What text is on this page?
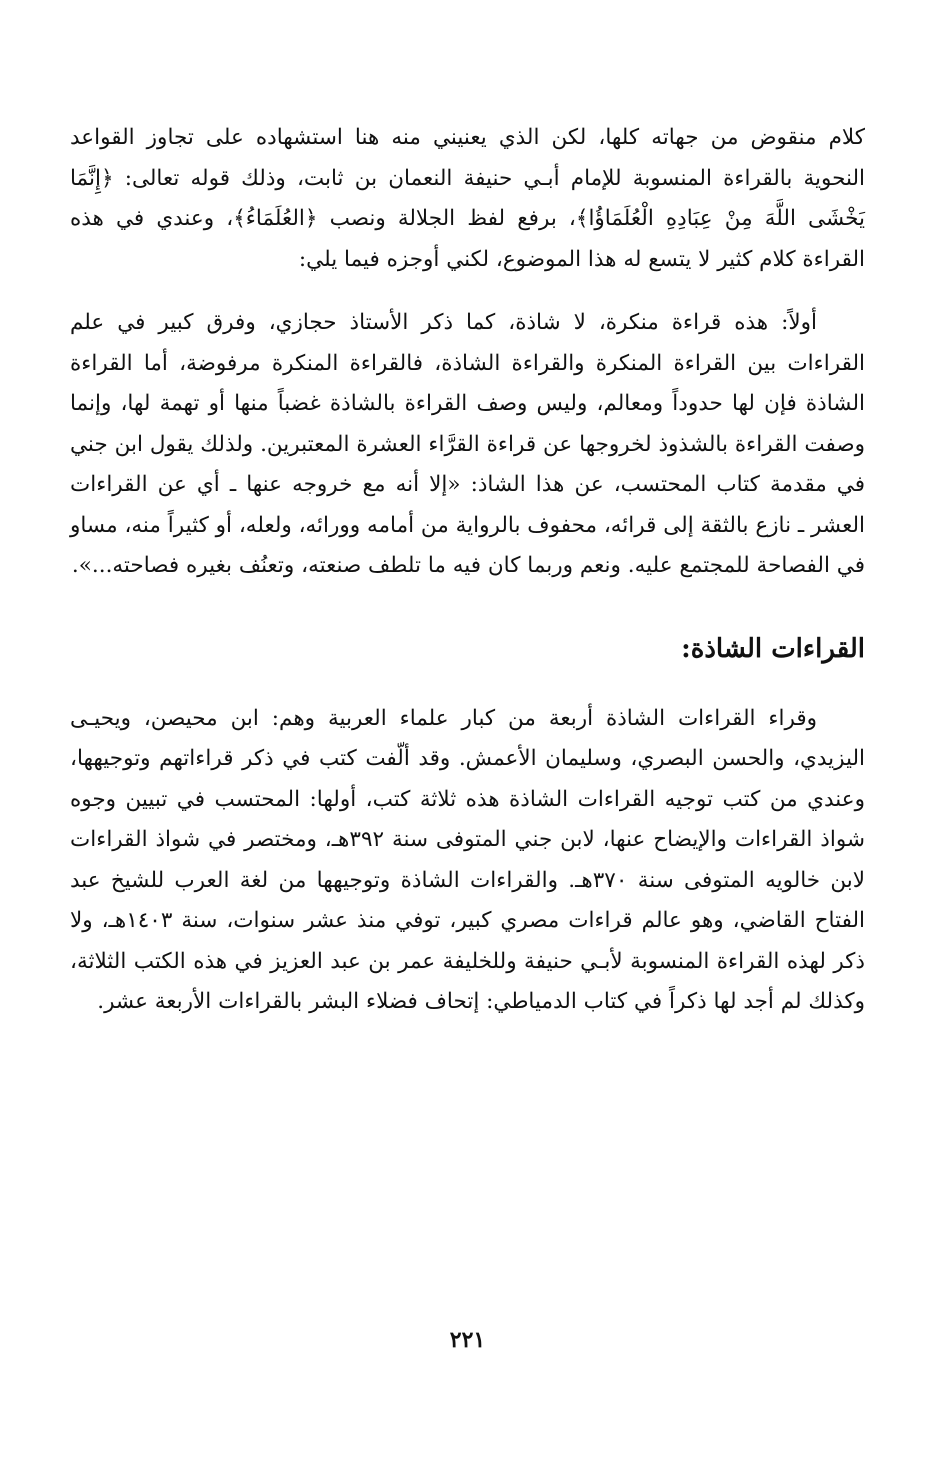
كلام منقوض من جهاته كلها، لكن الذي يعنيني منه هنا استشهاده على تجاوز القواعد النحوية بالقراءة المنسوبة للإمام أبـي حنيفة النعمان بن ثابت، وذلك قوله تعالى: ﴿إِنَّمَا يَخْشَى اللَّهَ مِنْ عِبَادِهِ الْعُلَمَاؤُا﴾، برفع لفظ الجلالة ونصب ﴿العُلَمَاءُ﴾، وعندي في هذه القراءة كلام كثير لا يتسع له هذا الموضوع، لكني أوجزه فيما يلي:

أولاً: هذه قراءة منكرة، لا شاذة، كما ذكر الأستاذ حجازي، وفرق كبير في علم القراءات بين القراءة المنكرة والقراءة الشاذة، فالقراءة المنكرة مرفوضة، أما القراءة الشاذة فإن لها حدوداً ومعالم، وليس وصف القراءة بالشاذة غضباً منها أو تهمة لها، وإنما وصفت القراءة بالشذوذ لخروجها عن قراءة القرَّاء العشرة المعتبرين. ولذلك يقول ابن جني في مقدمة كتاب المحتسب، عن هذا الشاذ: «إلا أنه مع خروجه عنها ـ أي عن القراءات العشر ـ نازع بالثقة إلى قرائه، محفوف بالرواية من أمامه وورائه، ولعله، أو كثيراً منه، مساو في الفصاحة للمجتمع عليه. ونعم وربما كان فيه ما تلطف صنعته، وتعنُف بغيره فصاحته...».

القراءات الشاذة:

وقراء القراءات الشاذة أربعة من كبار علماء العربية وهم: ابن محيصن، ويحيـى اليزيدي، والحسن البصري، وسليمان الأعمش. وقد ألّفت كتب في ذكر قراءاتهم وتوجيهها، وعندي من كتب توجيه القراءات الشاذة هذه ثلاثة كتب، أولها: المحتسب في تبيين وجوه شواذ القراءات والإيضاح عنها، لابن جني المتوفى سنة ٣٩٢هـ، ومختصر في شواذ القراءات لابن خالويه المتوفى سنة ٣٧٠هـ. والقراءات الشاذة وتوجيهها من لغة العرب للشيخ عبد الفتاح القاضي، وهو عالم قراءات مصري كبير، توفي منذ عشر سنوات، سنة ١٤٠٣هـ، ولا ذكر لهذه القراءة المنسوبة لأبـي حنيفة وللخليفة عمر بن عبد العزيز في هذه الكتب الثلاثة، وكذلك لم أجد لها ذكراً في كتاب الدمياطي: إتحاف فضلاء البشر بالقراءات الأربعة عشر.

٢٢١
